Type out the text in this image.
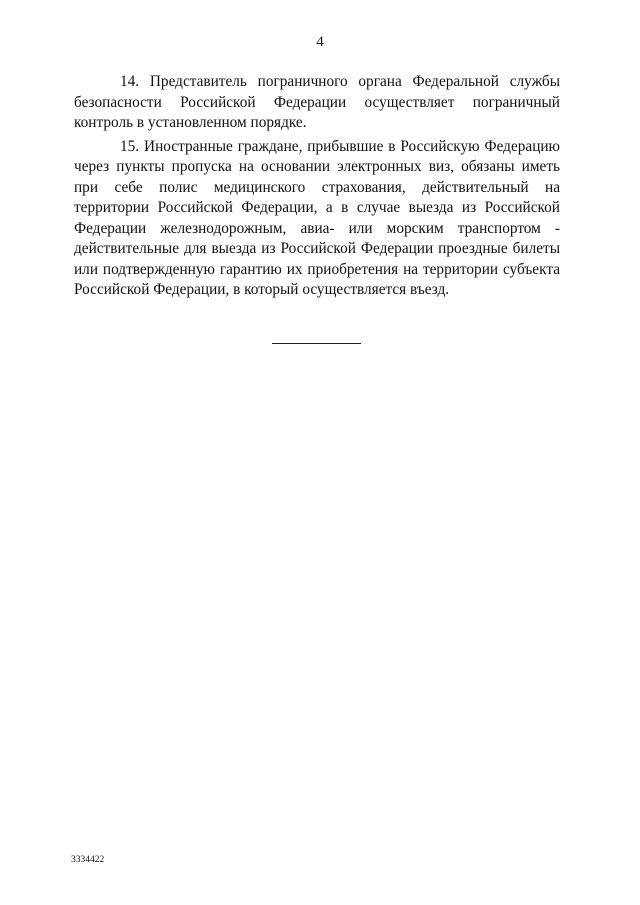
4

14. Представитель пограничного органа Федеральной службы безопасности Российской Федерации осуществляет пограничный контроль в установленном порядке.

15. Иностранные граждане, прибывшие в Российскую Федерацию через пункты пропуска на основании электронных виз, обязаны иметь при себе полис медицинского страхования, действительный на территории Российской Федерации, а в случае выезда из Российской Федерации железнодорожным, авиа- или морским транспортом - действительные для выезда из Российской Федерации проездные билеты или подтвержденную гарантию их приобретения на территории субъекта Российской Федерации, в который осуществляется въезд.

3334422
